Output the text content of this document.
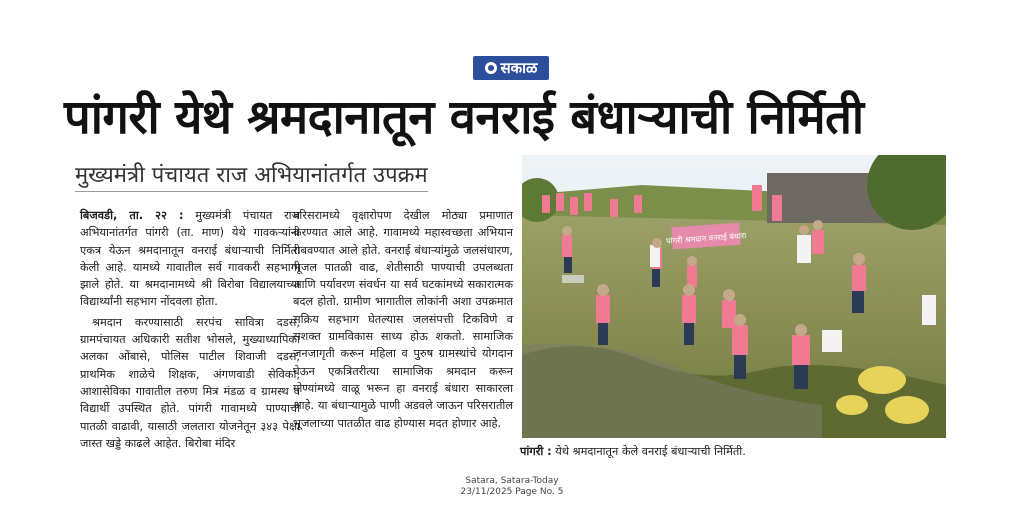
सकाळ
पांगरी येथे श्रमदानातून वनराई बंधाऱ्याची निर्मिती
मुख्यमंत्री पंचायत राज अभियानांतर्गत उपक्रम

बिजवडी, ता. २२ : मुख्यमंत्री पंचायत राज अभियानांतर्गत पांगरी (ता. माण) येथे गावकऱ्यांनी एकत्र येऊन श्रमदानातून वनराई बंधाऱ्याची निर्मिती केली आहे. यामध्ये गावातील सर्व गावकरी सहभागी झाले होते. या श्रमदानामध्ये श्री बिरोबा विद्यालयाच्या विद्यार्थ्यांनी सहभाग नोंदवला होता.

श्रमदान करण्यासाठी सरपंच सावित्रा दडस, ग्रामपंचायत अधिकारी सतीश भोसले, मुख्याध्यापिका अलका ओंबासे, पोलिस पाटील शिवाजी दडस, प्राथमिक शाळेचे शिक्षक, अंगणवाडी सेविका, आशासेविका गावातील तरुण मित्र मंडळ व ग्रामस्थ व विद्यार्थी उपस्थित होते. पांगरी गावामध्ये पाण्याची पातळी वाढावी, यासाठी जलतारा योजनेतून ३४३ पेक्षा जास्त खड्डे काढले आहेत. बिरोबा मंदिर

परिसरामध्ये वृक्षारोपण देखील मोठ्या प्रमाणात करण्यात आले आहे. गावामध्ये महास्वच्छता अभियान राबवण्यात आले होते. वनराई बंधाऱ्यांमुळे जलसंधारण, भूजल पातळी वाढ, शेतीसाठी पाण्याची उपलब्धता आणि पर्यावरण संवर्धन या सर्व घटकांमध्ये सकारात्मक बदल होतो. ग्रामीण भागातील लोकांनी अशा उपक्रमात सक्रिय सहभाग घेतल्यास जलसंपत्ती टिकविणे व सशक्त ग्रामविकास साध्य होऊ शकतो. सामाजिक जनजागृती करून महिला व पुरुष ग्रामस्थांचे योगदान घेऊन एकत्रितरीत्या सामाजिक श्रमदान करून गोण्यांमध्ये वाळू भरून हा वनराई बंधारा साकारला आहे. या बंधाऱ्यामुळे पाणी अडवले जाऊन परिसरातील भूजलाच्या पातळीत वाढ होण्यास मदत होणार आहे.

पांगरी श्रमदान वनराई बंधारा
पांगरी : येथे श्रमदानातून केले वनराई बंधाऱ्याची निर्मिती.
Satara, Satara-Today
23/11/2025 Page No. 5
